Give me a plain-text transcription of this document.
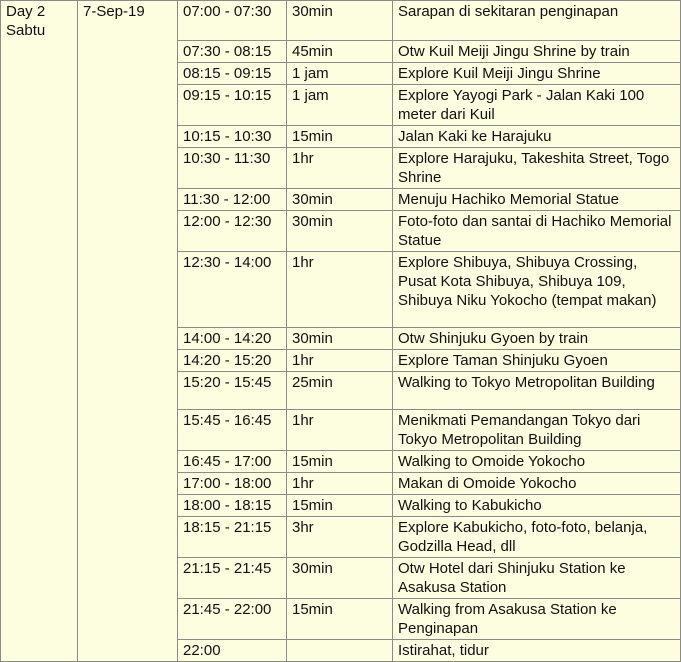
Day 2
Sabtu	7-Sep-19	07:00 - 07:30	30min	Sarapan di sekitaran penginapan
		07:30 - 08:15	45min	Otw Kuil Meiji Jingu Shrine by train
		08:15 - 09:15	1 jam	Explore Kuil Meiji Jingu Shrine
		09:15 - 10:15	1 jam	Explore Yayogi Park - Jalan Kaki 100 meter dari Kuil
		10:15 - 10:30	15min	Jalan Kaki ke Harajuku
		10:30 - 11:30	1hr	Explore Harajuku, Takeshita Street, Togo Shrine
		11:30 - 12:00	30min	Menuju Hachiko Memorial Statue
		12:00 - 12:30	30min	Foto-foto dan santai di Hachiko Memorial Statue
		12:30 - 14:00	1hr	Explore Shibuya, Shibuya Crossing, Pusat Kota Shibuya, Shibuya 109, Shibuya Niku Yokocho (tempat makan)
		14:00 - 14:20	30min	Otw Shinjuku Gyoen by train
		14:20 - 15:20	1hr	Explore Taman Shinjuku Gyoen
		15:20 - 15:45	25min	Walking to Tokyo Metropolitan Building
		15:45 - 16:45	1hr	Menikmati Pemandangan Tokyo dari Tokyo Metropolitan Building
		16:45 - 17:00	15min	Walking to Omoide Yokocho
		17:00 - 18:00	1hr	Makan di Omoide Yokocho
		18:00 - 18:15	15min	Walking to Kabukicho
		18:15 - 21:15	3hr	Explore Kabukicho, foto-foto, belanja, Godzilla Head, dll
		21:15 - 21:45	30min	Otw Hotel dari Shinjuku Station ke Asakusa Station
		21:45 - 22:00	15min	Walking from Asakusa Station ke Penginapan
		22:00		Istirahat, tidur
